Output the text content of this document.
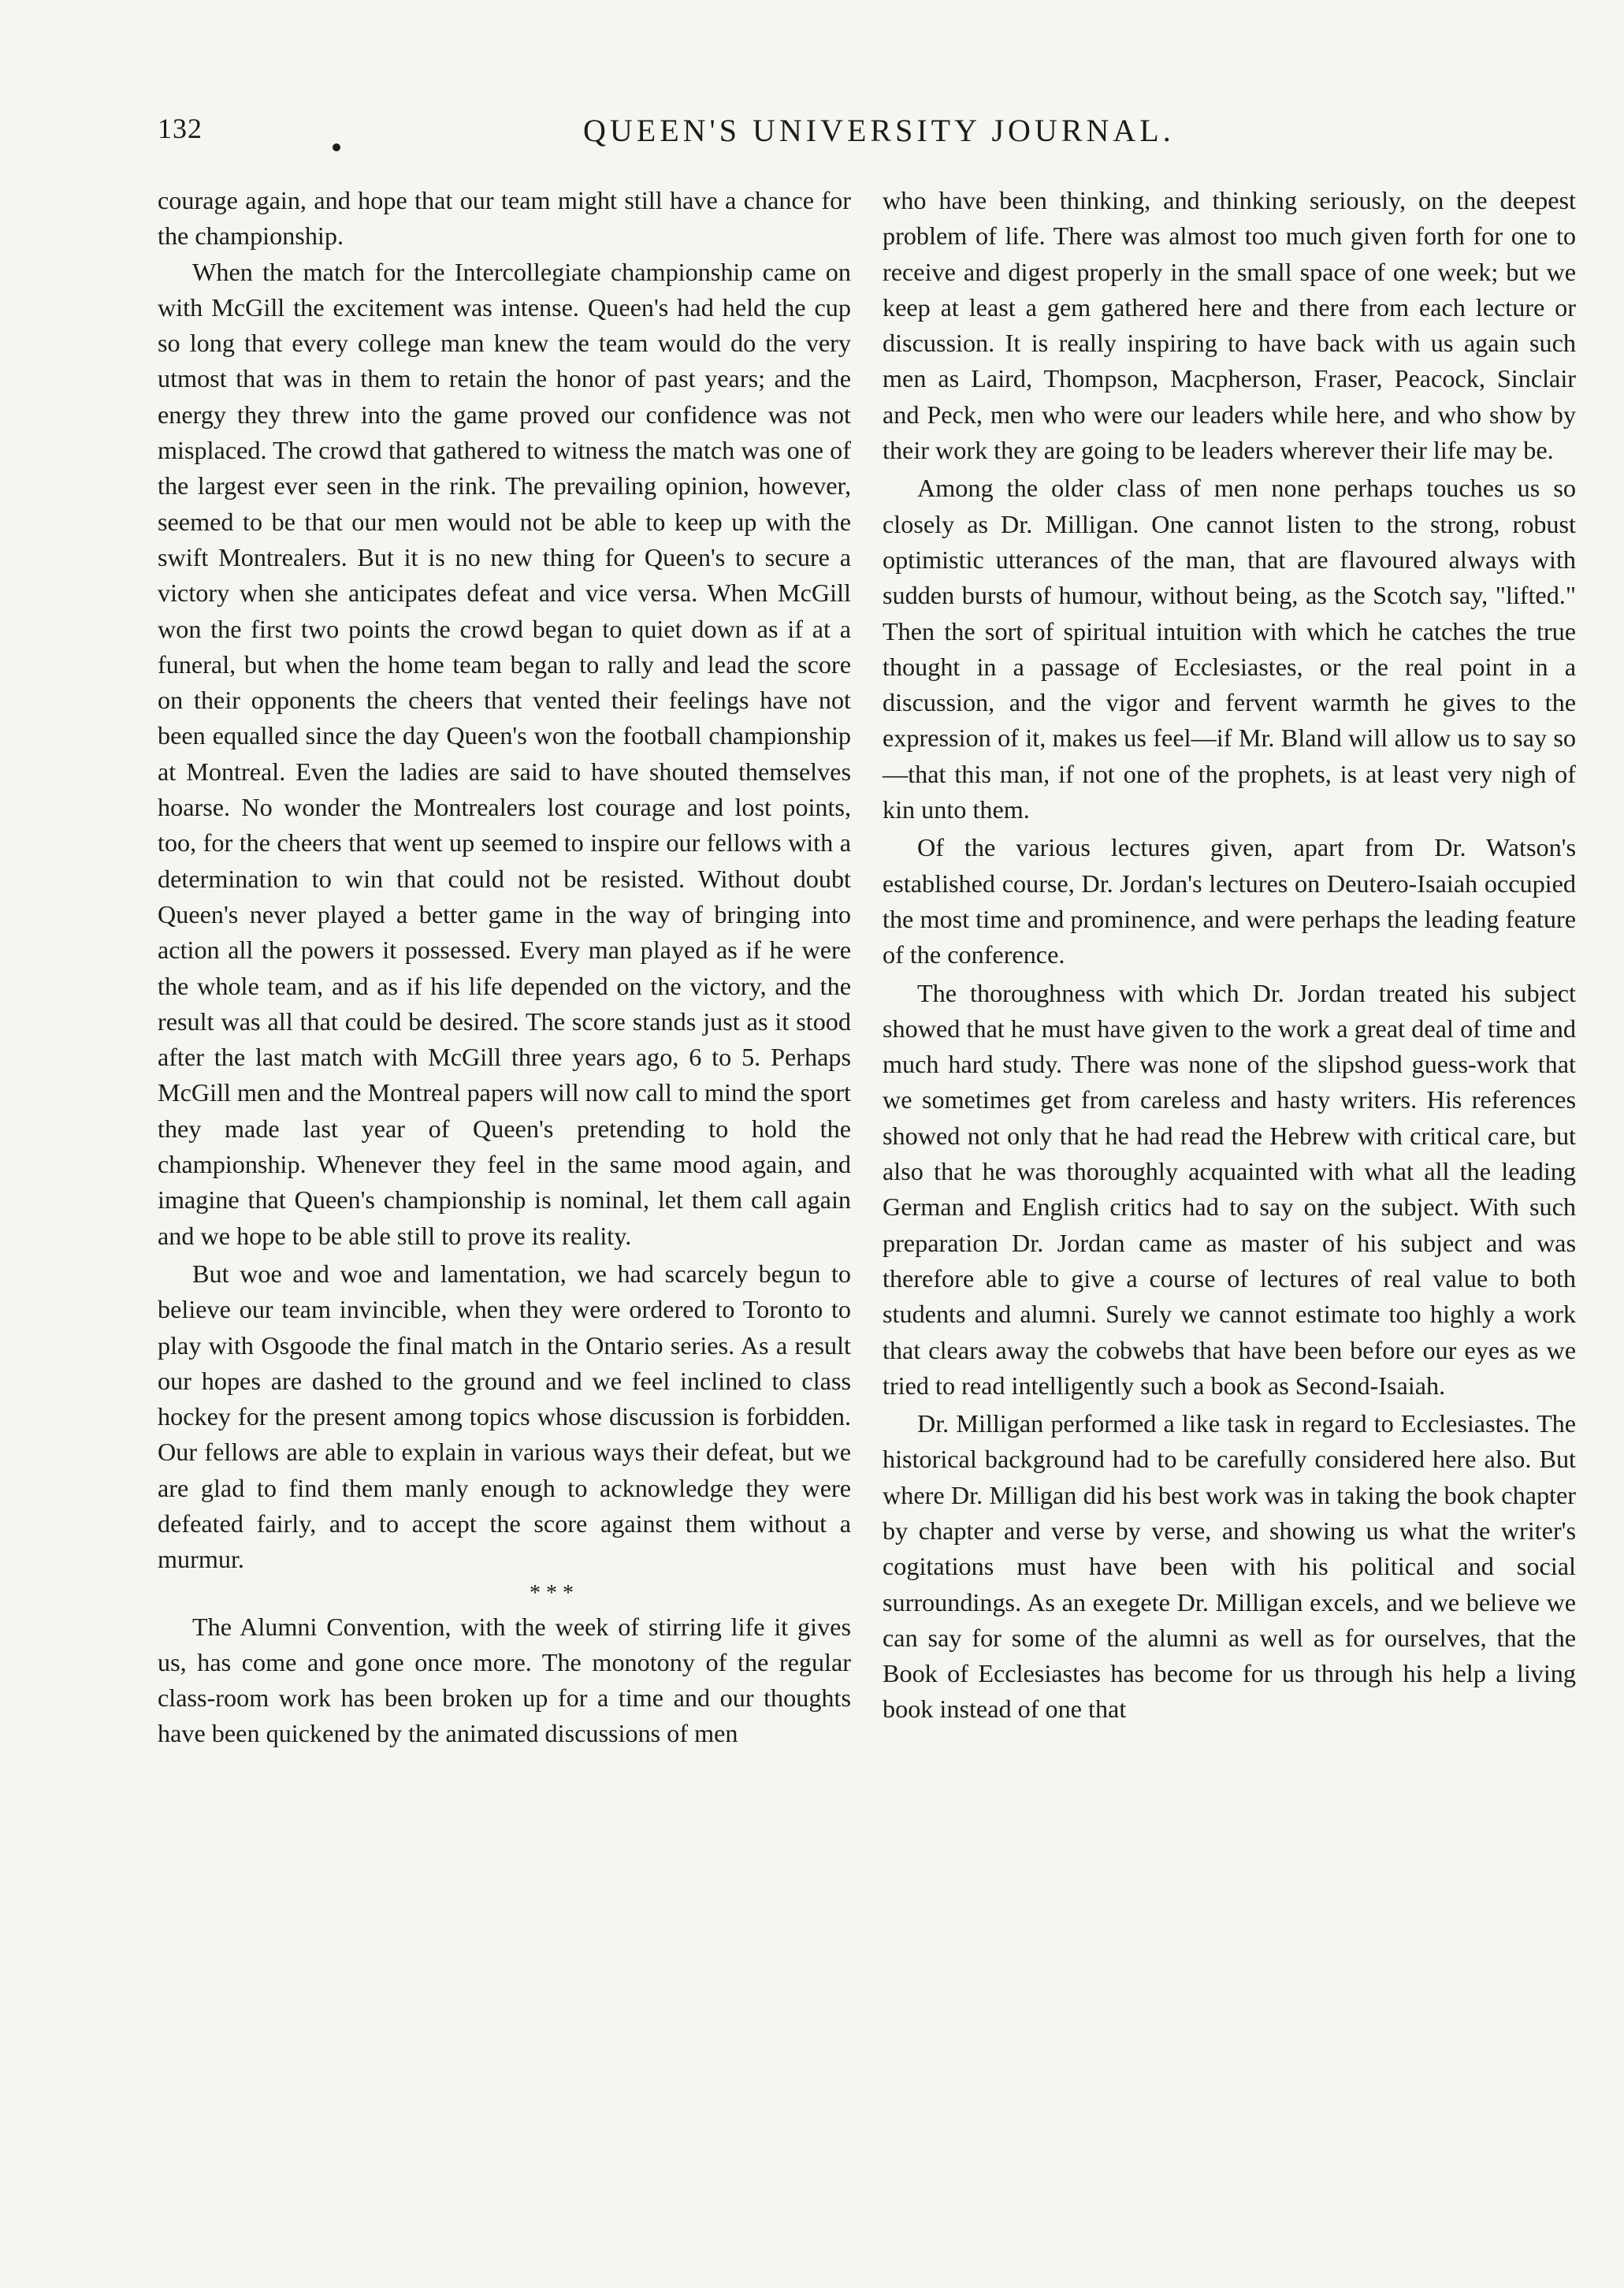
132	QUEEN'S UNIVERSITY JOURNAL.

courage again, and hope that our team might still have a chance for the championship.

When the match for the Intercollegiate championship came on with McGill the excitement was intense. Queen's had held the cup so long that every college man knew the team would do the very utmost that was in them to retain the honor of past years; and the energy they threw into the game proved our confidence was not misplaced. The crowd that gathered to witness the match was one of the largest ever seen in the rink. The prevailing opinion, however, seemed to be that our men would not be able to keep up with the swift Montrealers. But it is no new thing for Queen's to secure a victory when she anticipates defeat and vice versa. When McGill won the first two points the crowd began to quiet down as if at a funeral, but when the home team began to rally and lead the score on their opponents the cheers that vented their feelings have not been equalled since the day Queen's won the football championship at Montreal. Even the ladies are said to have shouted themselves hoarse. No wonder the Montrealers lost courage and lost points, too, for the cheers that went up seemed to inspire our fellows with a determination to win that could not be resisted. Without doubt Queen's never played a better game in the way of bringing into action all the powers it possessed. Every man played as if he were the whole team, and as if his life depended on the victory, and the result was all that could be desired. The score stands just as it stood after the last match with McGill three years ago, 6 to 5. Perhaps McGill men and the Montreal papers will now call to mind the sport they made last year of Queen's pretending to hold the championship. Whenever they feel in the same mood again, and imagine that Queen's championship is nominal, let them call again and we hope to be able still to prove its reality.

But woe and woe and lamentation, we had scarcely begun to believe our team invincible, when they were ordered to Toronto to play with Osgoode the final match in the Ontario series. As a result our hopes are dashed to the ground and we feel inclined to class hockey for the present among topics whose discussion is forbidden. Our fellows are able to explain in various ways their defeat, but we are glad to find them manly enough to acknowledge they were defeated fairly, and to accept the score against them without a murmur.

* * *

The Alumni Convention, with the week of stirring life it gives us, has come and gone once more. The monotony of the regular class-room work has been broken up for a time and our thoughts have been quickened by the animated discussions of men

who have been thinking, and thinking seriously, on the deepest problem of life. There was almost too much given forth for one to receive and digest properly in the small space of one week; but we keep at least a gem gathered here and there from each lecture or discussion. It is really inspiring to have back with us again such men as Laird, Thompson, Macpherson, Fraser, Peacock, Sinclair and Peck, men who were our leaders while here, and who show by their work they are going to be leaders wherever their life may be.

Among the older class of men none perhaps touches us so closely as Dr. Milligan. One cannot listen to the strong, robust optimistic utterances of the man, that are flavoured always with sudden bursts of humour, without being, as the Scotch say, "lifted." Then the sort of spiritual intuition with which he catches the true thought in a passage of Ecclesiastes, or the real point in a discussion, and the vigor and fervent warmth he gives to the expression of it, makes us feel—if Mr. Bland will allow us to say so—that this man, if not one of the prophets, is at least very nigh of kin unto them.

Of the various lectures given, apart from Dr. Watson's established course, Dr. Jordan's lectures on Deutero-Isaiah occupied the most time and prominence, and were perhaps the leading feature of the conference.

The thoroughness with which Dr. Jordan treated his subject showed that he must have given to the work a great deal of time and much hard study. There was none of the slipshod guess-work that we sometimes get from careless and hasty writers. His references showed not only that he had read the Hebrew with critical care, but also that he was thoroughly acquainted with what all the leading German and English critics had to say on the subject. With such preparation Dr. Jordan came as master of his subject and was therefore able to give a course of lectures of real value to both students and alumni. Surely we cannot estimate too highly a work that clears away the cobwebs that have been before our eyes as we tried to read intelligently such a book as Second-Isaiah.

Dr. Milligan performed a like task in regard to Ecclesiastes. The historical background had to be carefully considered here also. But where Dr. Milligan did his best work was in taking the book chapter by chapter and verse by verse, and showing us what the writer's cogitations must have been with his political and social surroundings. As an exegete Dr. Milligan excels, and we believe we can say for some of the alumni as well as for ourselves, that the Book of Ecclesiastes has become for us through his help a living book instead of one that
